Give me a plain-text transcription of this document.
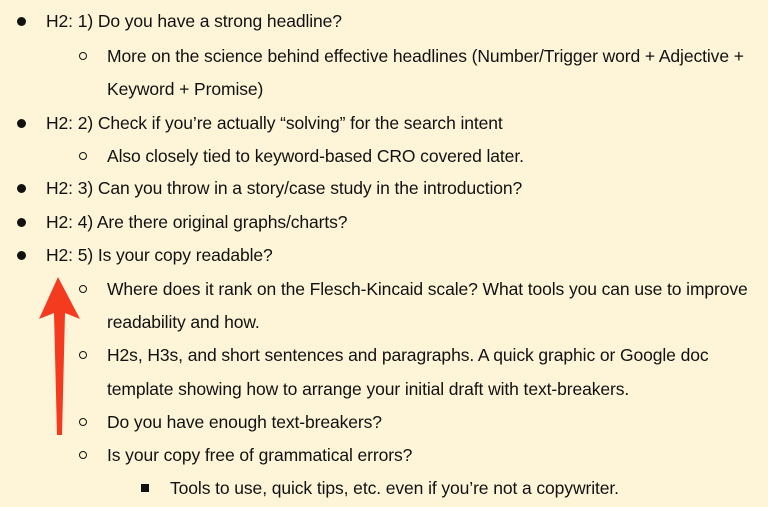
H2: 1) Do you have a strong headline?
More on the science behind effective headlines (Number/Trigger word + Adjective +
Keyword + Promise)
H2: 2) Check if you’re actually “solving” for the search intent
Also closely tied to keyword-based CRO covered later.
H2: 3) Can you throw in a story/case study in the introduction?
H2: 4) Are there original graphs/charts?
H2: 5) Is your copy readable?
Where does it rank on the Flesch-Kincaid scale? What tools you can use to improve
readability and how.
H2s, H3s, and short sentences and paragraphs. A quick graphic or Google doc
template showing how to arrange your initial draft with text-breakers.
Do you have enough text-breakers?
Is your copy free of grammatical errors?
Tools to use, quick tips, etc. even if you’re not a copywriter.
